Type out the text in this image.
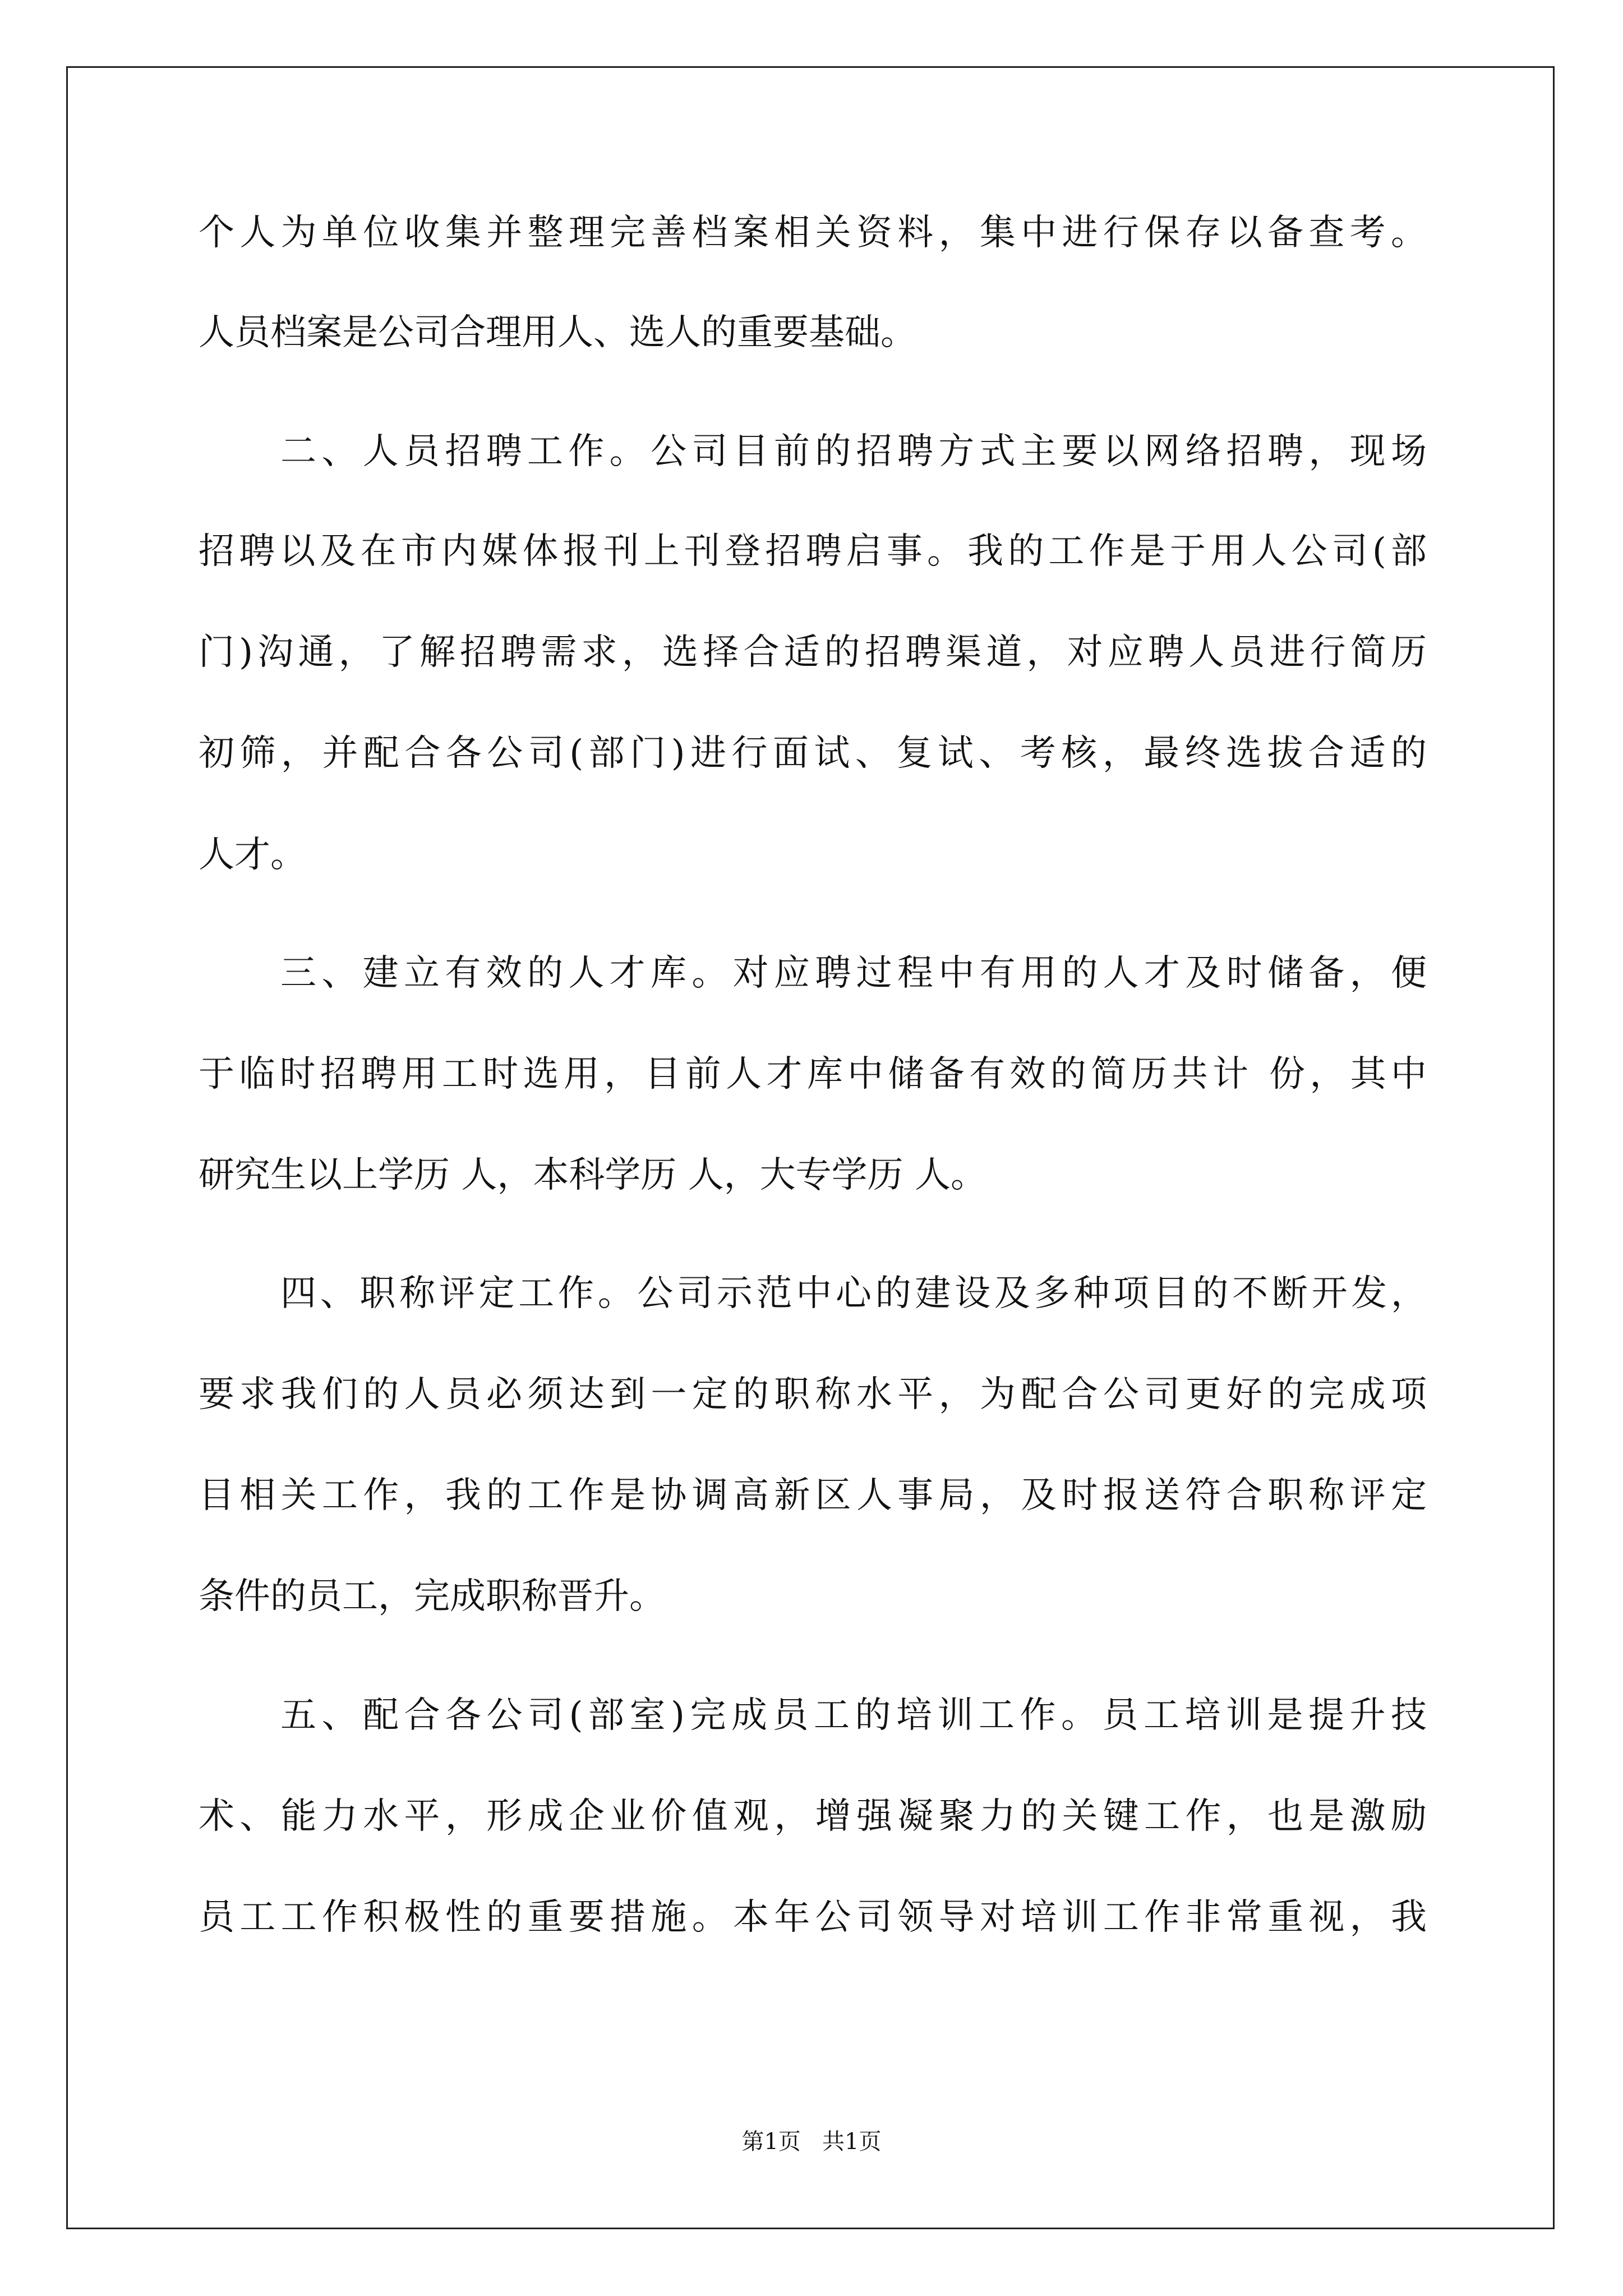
个人为单位收集并整理完善档案相关资料，集中进行保存以备查考。
人员档案是公司合理用人、选人的重要基础。
二、人员招聘工作。公司目前的招聘方式主要以网络招聘，现场
招聘以及在市内媒体报刊上刊登招聘启事。我的工作是于用人公司(部
门)沟通，了解招聘需求，选择合适的招聘渠道，对应聘人员进行简历
初筛，并配合各公司(部门)进行面试、复试、考核，最终选拔合适的
人才。
三、建立有效的人才库。对应聘过程中有用的人才及时储备，便
于临时招聘用工时选用，目前人才库中储备有效的简历共计 份，其中
研究生以上学历 人，本科学历 人，大专学历 人。
四、职称评定工作。公司示范中心的建设及多种项目的不断开发，
要求我们的人员必须达到一定的职称水平，为配合公司更好的完成项
目相关工作，我的工作是协调高新区人事局，及时报送符合职称评定
条件的员工，完成职称晋升。
五、配合各公司(部室)完成员工的培训工作。员工培训是提升技
术、能力水平，形成企业价值观，增强凝聚力的关键工作，也是激励
员工工作积极性的重要措施。本年公司领导对培训工作非常重视，我
第1页   共1页
